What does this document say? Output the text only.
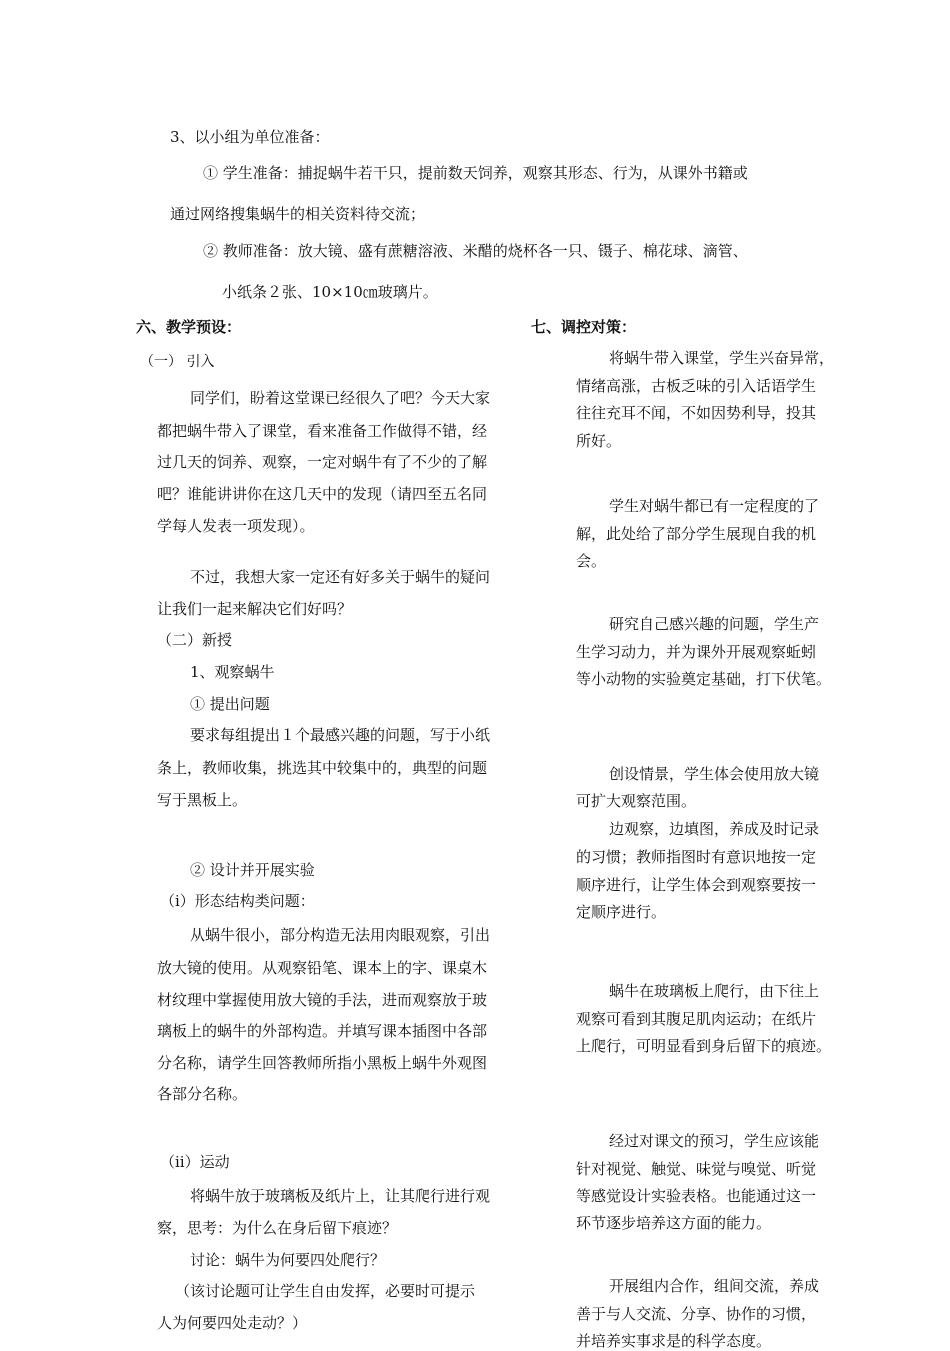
3、以小组为单位准备：
① 学生准备：捕捉蜗牛若干只，提前数天饲养，观察其形态、行为，从课外书籍或
通过网络搜集蜗牛的相关资料待交流；
② 教师准备：放大镜、盛有蔗糖溶液、米醋的烧杯各一只、镊子、棉花球、滴管、
小纸条２张、10×10㎝玻璃片。
六、教学预设：	七、调控对策：
（一） 引入
同学们，盼着这堂课已经很久了吧？今天大家
都把蜗牛带入了课堂，看来准备工作做得不错，经
过几天的饲养、观察，一定对蜗牛有了不少的了解
吧？谁能讲讲你在这几天中的发现（请四至五名同
学每人发表一项发现）。
不过，我想大家一定还有好多关于蜗牛的疑问
让我们一起来解决它们好吗？
（二）新授
1、观察蜗牛
① 提出问题
要求每组提出１个最感兴趣的问题，写于小纸
条上，教师收集，挑选其中较集中的，典型的问题
写于黑板上。
② 设计并开展实验
（ⅰ）形态结构类问题：
从蜗牛很小，部分构造无法用肉眼观察，引出
放大镜的使用。从观察铅笔、课本上的字、课桌木
材纹理中掌握使用放大镜的手法，进而观察放于玻
璃板上的蜗牛的外部构造。并填写课本插图中各部
分名称，请学生回答教师所指小黑板上蜗牛外观图
各部分名称。
（ⅱ）运动
将蜗牛放于玻璃板及纸片上，让其爬行进行观
察，思考：为什么在身后留下痕迹？
讨论：蜗牛为何要四处爬行？
（该讨论题可让学生自由发挥，必要时可提示
人为何要四处走动？）
将蜗牛带入课堂，学生兴奋异常，
情绪高涨，古板乏味的引入话语学生
往往充耳不闻，不如因势利导，投其
所好。
学生对蜗牛都已有一定程度的了
解，此处给了部分学生展现自我的机
会。
研究自己感兴趣的问题，学生产
生学习动力，并为课外开展观察蚯蚓
等小动物的实验奠定基础，打下伏笔。
创设情景，学生体会使用放大镜
可扩大观察范围。
边观察，边填图，养成及时记录
的习惯；教师指图时有意识地按一定
顺序进行，让学生体会到观察要按一
定顺序进行。
蜗牛在玻璃板上爬行，由下往上
观察可看到其腹足肌肉运动；在纸片
上爬行，可明显看到身后留下的痕迹。
经过对课文的预习，学生应该能
针对视觉、触觉、味觉与嗅觉、听觉
等感觉设计实验表格。也能通过这一
环节逐步培养这方面的能力。
开展组内合作，组间交流，养成
善于与人交流、分享、协作的习惯，
并培养实事求是的科学态度。
